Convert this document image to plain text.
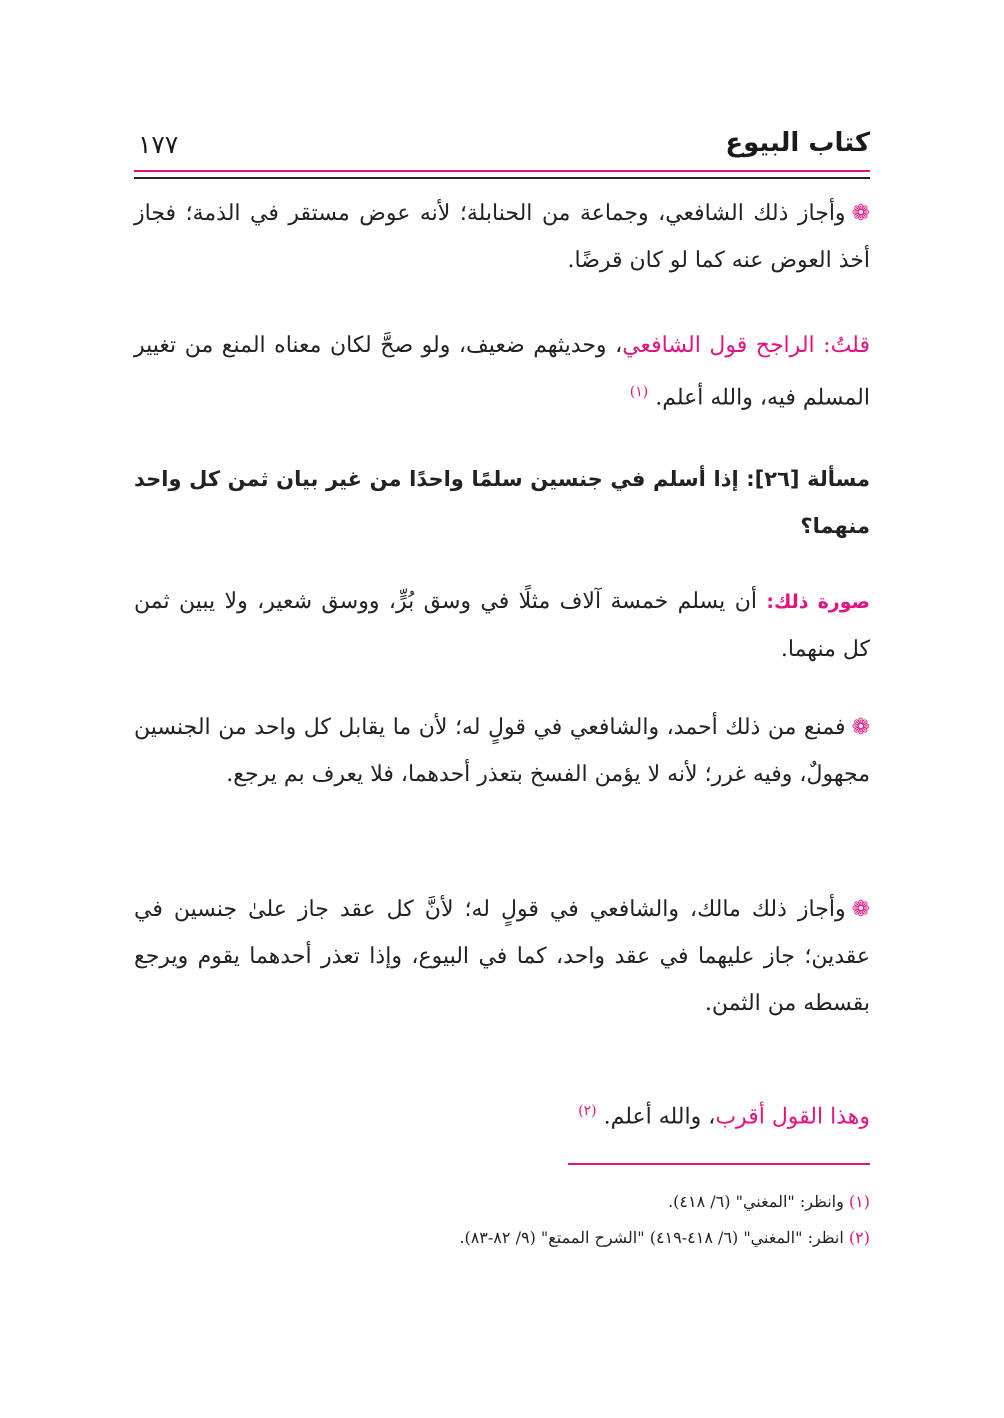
كتاب البيوع
١٧٧
❁وأجاز ذلك الشافعي، وجماعة من الحنابلة؛ لأنه عوض مستقر في الذمة؛ فجاز أخذ العوض عنه كما لو كان قرضًا.
قلتُ: الراجح قول الشافعي، وحديثهم ضعيف، ولو صحَّ لكان معناه المنع من تغيير المسلم فيه، والله أعلم. $^{(١)}$
مسألة [٢٦]: إذا أسلم في جنسين سلمًا واحدًا من غير بيان ثمن كل واحد منهما؟
صورة ذلك: أن يسلم خمسة آلاف مثلًا في وسق بُرٍّ، ووسق شعير، ولا يبين ثمن كل منهما.
❁فمنع من ذلك أحمد، والشافعي في قولٍ له؛ لأن ما يقابل كل واحد من الجنسين مجهولٌ، وفيه غرر؛ لأنه لا يؤمن الفسخ بتعذر أحدهما، فلا يعرف بم يرجع.
❁وأجاز ذلك مالك، والشافعي في قولٍ له؛ لأنَّ كل عقد جاز علىٰ جنسين في عقدين؛ جاز عليهما في عقد واحد، كما في البيوع، وإذا تعذر أحدهما يقوم ويرجع بقسطه من الثمن.
وهذا القول أقرب، والله أعلم. $^{(٢)}$
(١) وانظر: "المغني" (٦/ ٤١٨).
(٢) انظر: "المغني" (٦/ ٤١٨-٤١٩) "الشرح الممتع" (٩/ ٨٢-٨٣).
